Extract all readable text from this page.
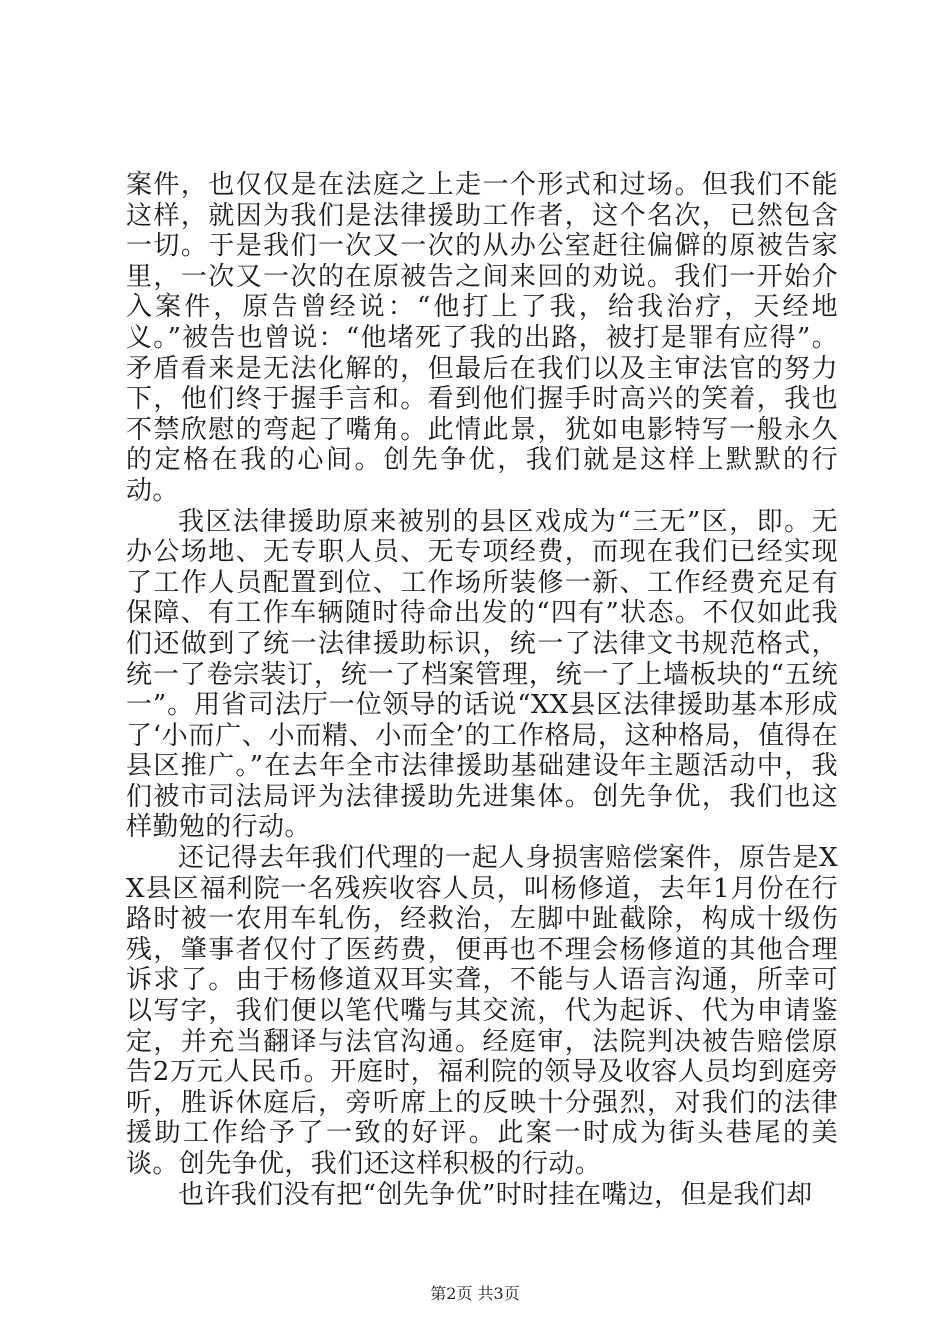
案件，也仅仅是在法庭之上走一个形式和过场。但我们不能这样，就因为我们是法律援助工作者，这个名次，已然包含一切。于是我们一次又一次的从办公室赶往偏僻的原被告家里，一次又一次的在原被告之间来回的劝说。我们一开始介入案件，原告曾经说：“他打上了我，给我治疗，天经地义。”被告也曾说：“他堵死了我的出路，被打是罪有应得”。矛盾看来是无法化解的，但最后在我们以及主审法官的努力下，他们终于握手言和。看到他们握手时高兴的笑着，我也不禁欣慰的弯起了嘴角。此情此景，犹如电影特写一般永久的定格在我的心间。创先争优，我们就是这样上默默的行动。

我区法律援助原来被别的县区戏成为“三无”区，即。无办公场地、无专职人员、无专项经费，而现在我们已经实现了工作人员配置到位、工作场所装修一新、工作经费充足有保障、有工作车辆随时待命出发的“四有”状态。不仅如此我们还做到了统一法律援助标识，统一了法律文书规范格式，统一了卷宗装订，统一了档案管理，统一了上墙板块的“五统一”。用省司法厅一位领导的话说“XX县区法律援助基本形成了‘小而广、小而精、小而全’的工作格局，这种格局，值得在县区推广。”在去年全市法律援助基础建设年主题活动中，我们被市司法局评为法律援助先进集体。创先争优，我们也这样勤勉的行动。

还记得去年我们代理的一起人身损害赔偿案件，原告是XX县区福利院一名残疾收容人员，叫杨修道，去年1月份在行路时被一农用车轧伤，经救治，左脚中趾截除，构成十级伤残，肇事者仅付了医药费，便再也不理会杨修道的其他合理诉求了。由于杨修道双耳实聋，不能与人语言沟通，所幸可以写字，我们便以笔代嘴与其交流，代为起诉、代为申请鉴定，并充当翻译与法官沟通。经庭审，法院判决被告赔偿原告2万元人民币。开庭时，福利院的领导及收容人员均到庭旁听，胜诉休庭后，旁听席上的反映十分强烈，对我们的法律援助工作给予了一致的好评。此案一时成为街头巷尾的美谈。创先争优，我们还这样积极的行动。

也许我们没有把“创先争优”时时挂在嘴边，但是我们却

第2页 共3页
